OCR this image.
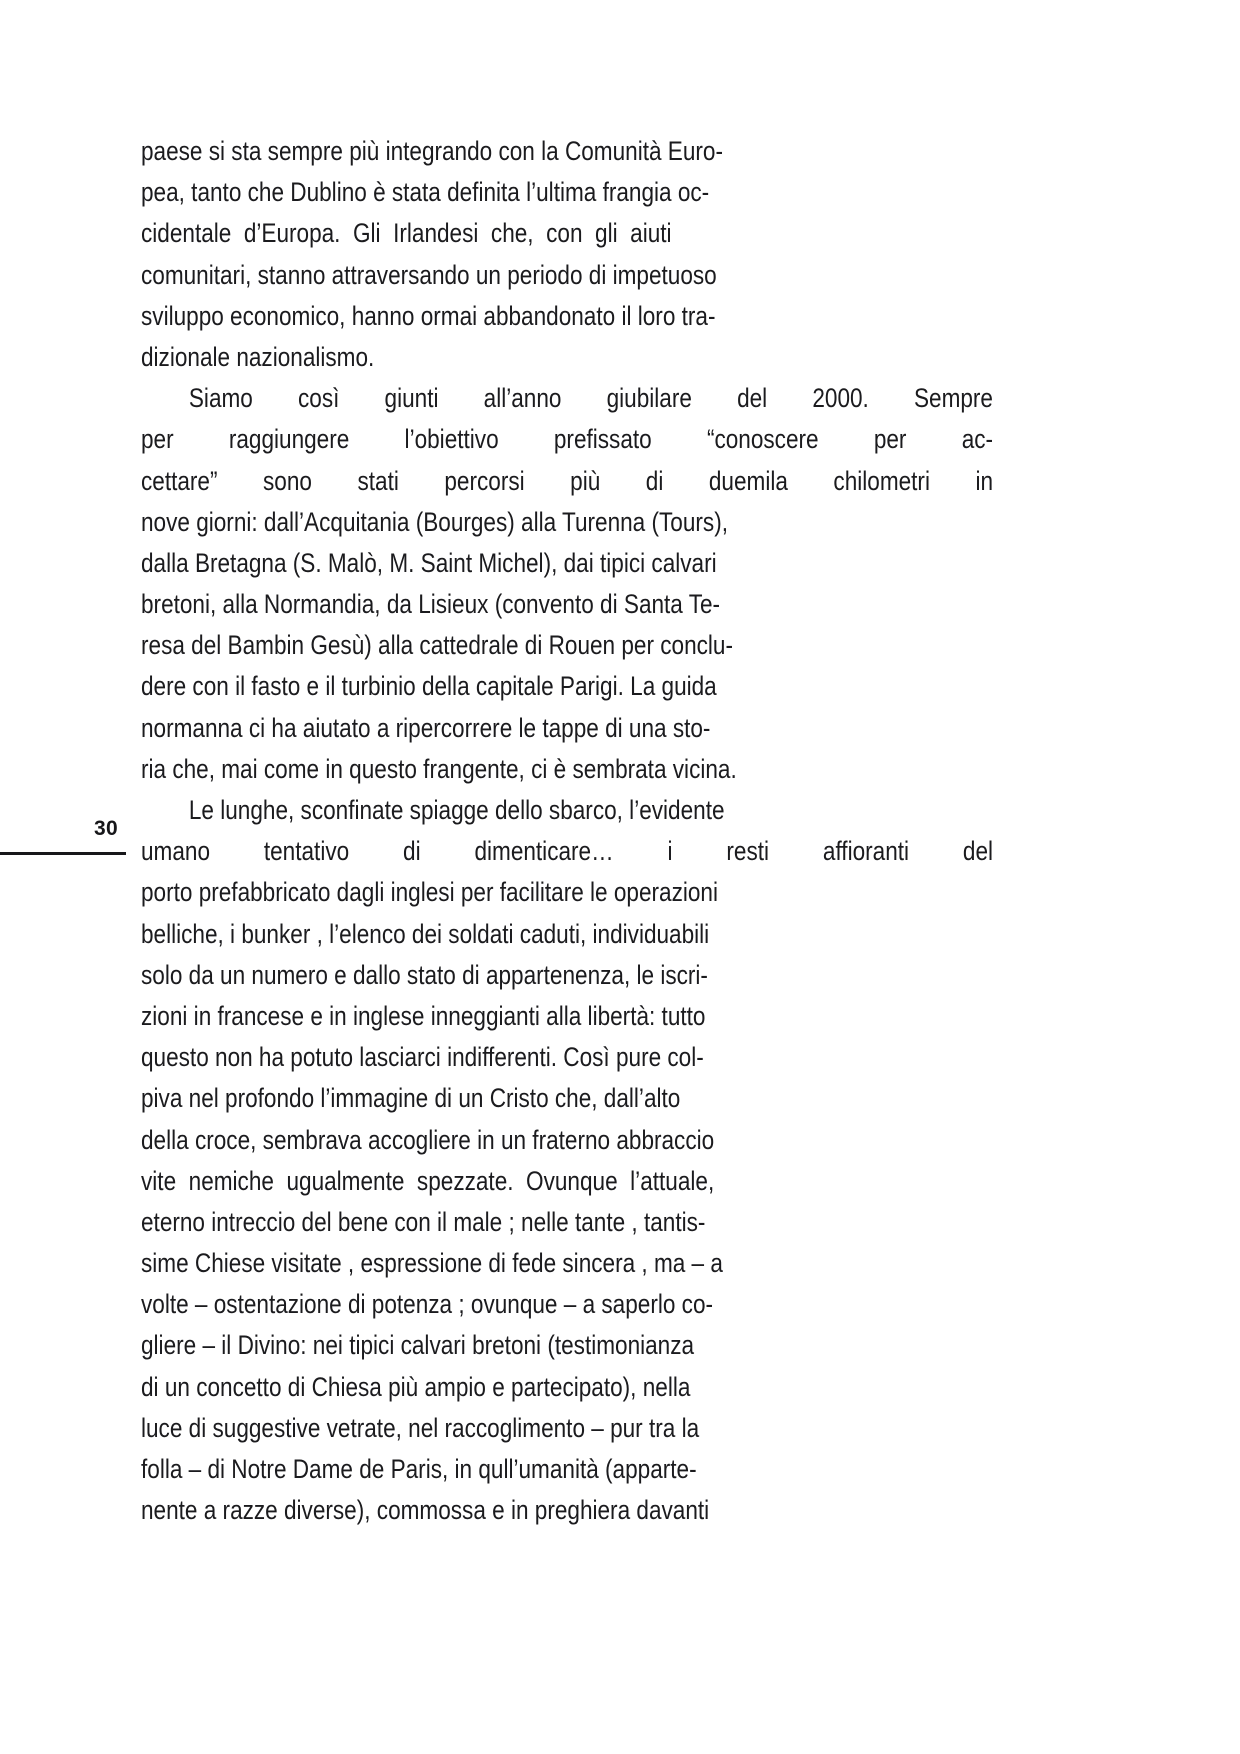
30
paese si sta sempre più integrando con la Comunità Euro-
pea, tanto che Dublino è stata definita l’ultima frangia oc-
cidentale  d’Europa.  Gli  Irlandesi  che,  con  gli  aiuti
comunitari, stanno attraversando un periodo di impetuoso
sviluppo economico, hanno ormai abbandonato il loro tra-
dizionale nazionalismo.
Siamo  così  giunti  all’anno  giubilare  del  2000.  Sempre
per  raggiungere  l’obiettivo  prefissato  “conoscere  per  ac-
cettare”  sono  stati  percorsi  più  di  duemila  chilometri  in
nove giorni: dall’Acquitania (Bourges) alla Turenna (Tours),
dalla Bretagna (S. Malò, M. Saint Michel), dai tipici calvari
bretoni, alla Normandia, da Lisieux (convento di Santa Te-
resa del Bambin Gesù) alla cattedrale di Rouen per conclu-
dere con il fasto e il turbinio della capitale Parigi. La guida
normanna ci ha aiutato a ripercorrere le tappe di una sto-
ria che, mai come in questo frangente, ci è sembrata vicina.
Le lunghe, sconfinate spiagge dello sbarco, l’evidente
umano  tentativo  di  dimenticare…  i  resti  affioranti  del
porto prefabbricato dagli inglesi per facilitare le operazioni
belliche, i bunker , l’elenco dei soldati caduti, individuabili
solo da un numero e dallo stato di appartenenza, le iscri-
zioni in francese e in inglese inneggianti alla libertà: tutto
questo non ha potuto lasciarci indifferenti. Così pure col-
piva nel profondo l’immagine di un Cristo che, dall’alto
della croce, sembrava accogliere in un fraterno abbraccio
vite  nemiche  ugualmente  spezzate.  Ovunque  l’attuale,
eterno intreccio del bene con il male ; nelle tante , tantis-
sime Chiese visitate , espressione di fede sincera , ma – a
volte – ostentazione di potenza ; ovunque – a saperlo co-
gliere – il Divino: nei tipici calvari bretoni (testimonianza
di un concetto di Chiesa più ampio e partecipato), nella
luce di suggestive vetrate, nel raccoglimento – pur tra la
folla – di Notre Dame de Paris, in qull’umanità (apparte-
nente a razze diverse), commossa e in preghiera davanti
